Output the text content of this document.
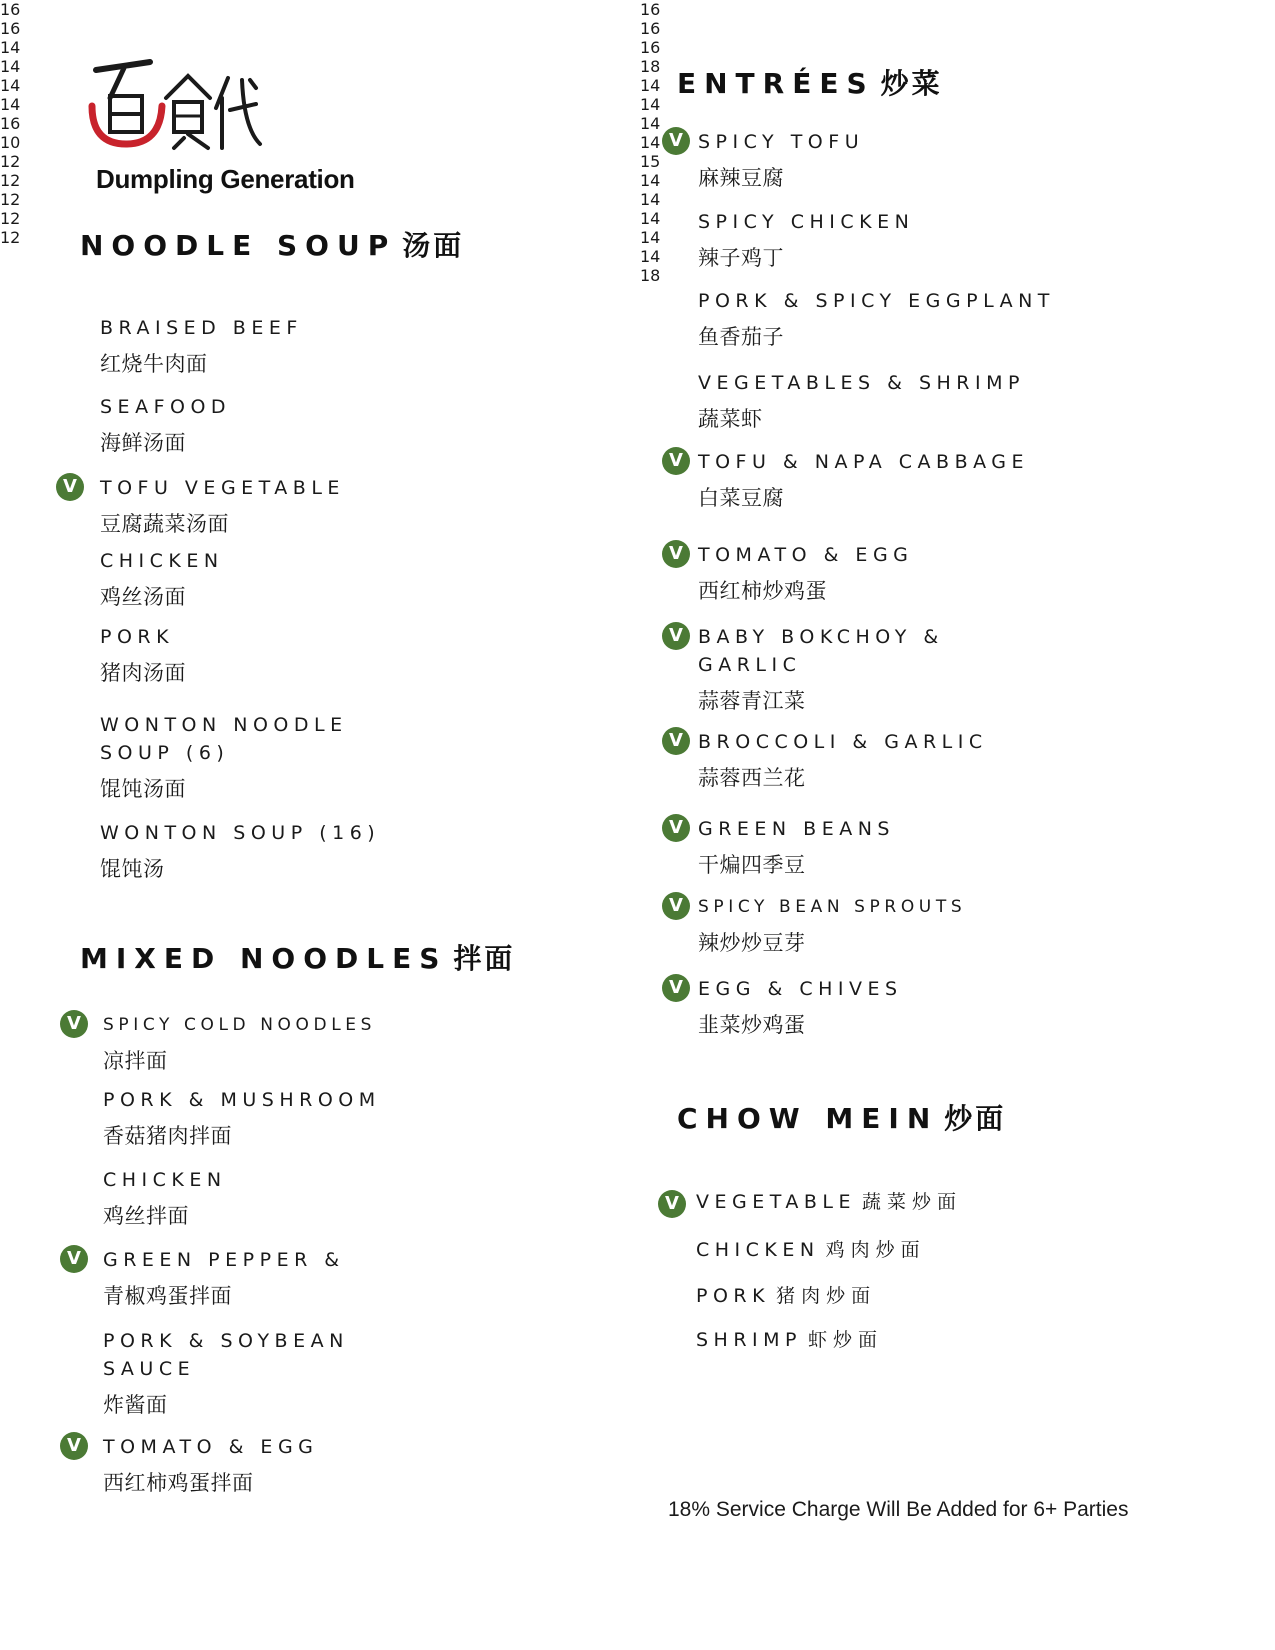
Dumpling Generation
NOODLE SOUP 汤面
BRAISED BEEF
红烧牛肉面
16
SEAFOOD
海鲜汤面
16
TOFU VEGETABLE
豆腐蔬菜汤面
14
V
CHICKEN
鸡丝汤面
14
PORK
猪肉汤面
14
WONTON NOODLE SOUP (6)
馄饨汤面
14
WONTON SOUP (16)
馄饨汤
16
MIXED NOODLES 拌面
SPICY COLD NOODLES
凉拌面
10
V
PORK & MUSHROOM
香菇猪肉拌面
12
CHICKEN
鸡丝拌面
12
GREEN PEPPER &
青椒鸡蛋拌面
12
V
PORK & SOYBEAN SAUCE
炸酱面
12
TOMATO & EGG
西红柿鸡蛋拌面
12
V
ENTRÉES 炒菜
SPICY TOFU
麻辣豆腐
16
V
SPICY CHICKEN
辣子鸡丁
16
PORK & SPICY EGGPLANT
鱼香茄子
16
VEGETABLES & SHRIMP
蔬菜虾
18
TOFU & NAPA CABBAGE
白菜豆腐
14
V
TOMATO & EGG
西红柿炒鸡蛋
14
V
BABY BOKCHOY & GARLIC
蒜蓉青江菜
14
V
BROCCOLI & GARLIC
蒜蓉西兰花
14
V
GREEN BEANS
干煸四季豆
15
V
SPICY BEAN SPROUTS
辣炒炒豆芽
14
V
EGG & CHIVES
韭菜炒鸡蛋
14
V
CHOW MEIN 炒面
VEGETABLE 蔬菜炒面
14
V
CHICKEN 鸡肉炒面
14
PORK 猪肉炒面
14
SHRIMP 虾炒面
18
18% Service Charge Will Be Added for 6+ Parties
